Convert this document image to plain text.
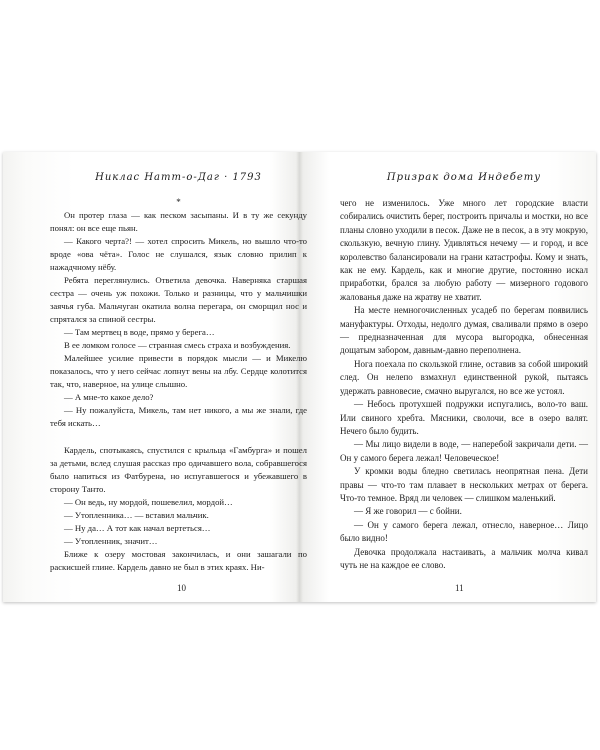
Никлас Натт-о-Даг · 1793
*

Он протер глаза — как песком засыпаны. И в ту же секунду понял: он все еще пьян.

— Какого черта?! — хотел спросить Микель, но вышло что-то вроде «ова чёта». Голос не слушался, язык словно прилип к нажадчному нёбу.

Ребята переглянулись. Ответила девочка. Наверняка старшая сестра — очень уж похожи. Только и разницы, что у мальчишки заячья губа. Мальчуган окатила волна перегара, он сморщил нос и спрятался за спиной сестры.

— Там мертвец в воде, прямо у берега…

В ее ломком голосе — странная смесь страха и возбуждения.

Малейшее усилие привести в порядок мысли — и Микелю показалось, что у него сейчас лопнут вены на лбу. Сердце колотится так, что, наверное, на улице слышно.

— А мне-то какое дело?

— Ну пожалуйста, Микель, там нет никого, а мы же знали, где тебя искать…

Кардель, спотыкаясь, спустился с крыльца «Гамбурга» и пошел за детьми, вслед слушая рассказ про одичавшего вола, собравшегося было напиться из Фатбурена, но испугавшегося и убежавшего в сторону Танто.

— Он ведь, ну мордой, пошевелил, мордой…

— Утопленника… — вставил мальчик.

— Ну да… А тот как начал вертеться…

— Утопленник, значит…

Ближе к озеру мостовая закончилась, и они зашагали по раскисшей глине. Кардель давно не был в этих краях. Ни-

Призрак дома Индебету

чего не изменилось. Уже много лет городские власти собирались очистить берег, построить причалы и мостки, но все планы словно уходили в песок. Даже не в песок, а в эту мокрую, скользкую, вечную глину. Удивляться нечему — и город, и все королевство балансировали на грани катастрофы. Кому и знать, как не ему. Кардель, как и многие другие, постоянно искал приработки, брался за любую работу — мизерного годового жалованья даже на жратву не хватит.

На месте немногочисленных усадеб по берегам появились мануфактуры. Отходы, недолго думая, сваливали прямо в озеро — предназначенная для мусора выгородка, обнесенная дощатым забором, давным-давно переполнена.

Нога поехала по скользкой глине, оставив за собой широкий след. Он нелепо взмахнул единственной рукой, пытаясь удержать равновесие, смачно выругался, но все же устоял.

— Небось протухшей подружки испугались, воло-то ваш. Или свиного хребта. Мясники, сволочи, все в озеро валят. Нечего было будить.

— Мы лицо видели в воде, — наперебой закричали дети. — Он у самого берега лежал! Человеческое!

У кромки воды бледно светилась неопрятная пена. Дети правы — что-то там плавает в нескольких метрах от берега. Что-то темное. Вряд ли человек — слишком маленький.

— Я же говорил — с бойни.

— Он у самого берега лежал, отнесло, наверное… Лицо было видно!

Девочка продолжала настаивать, а мальчик молча кивал чуть не на каждое ее слово.

10	11
